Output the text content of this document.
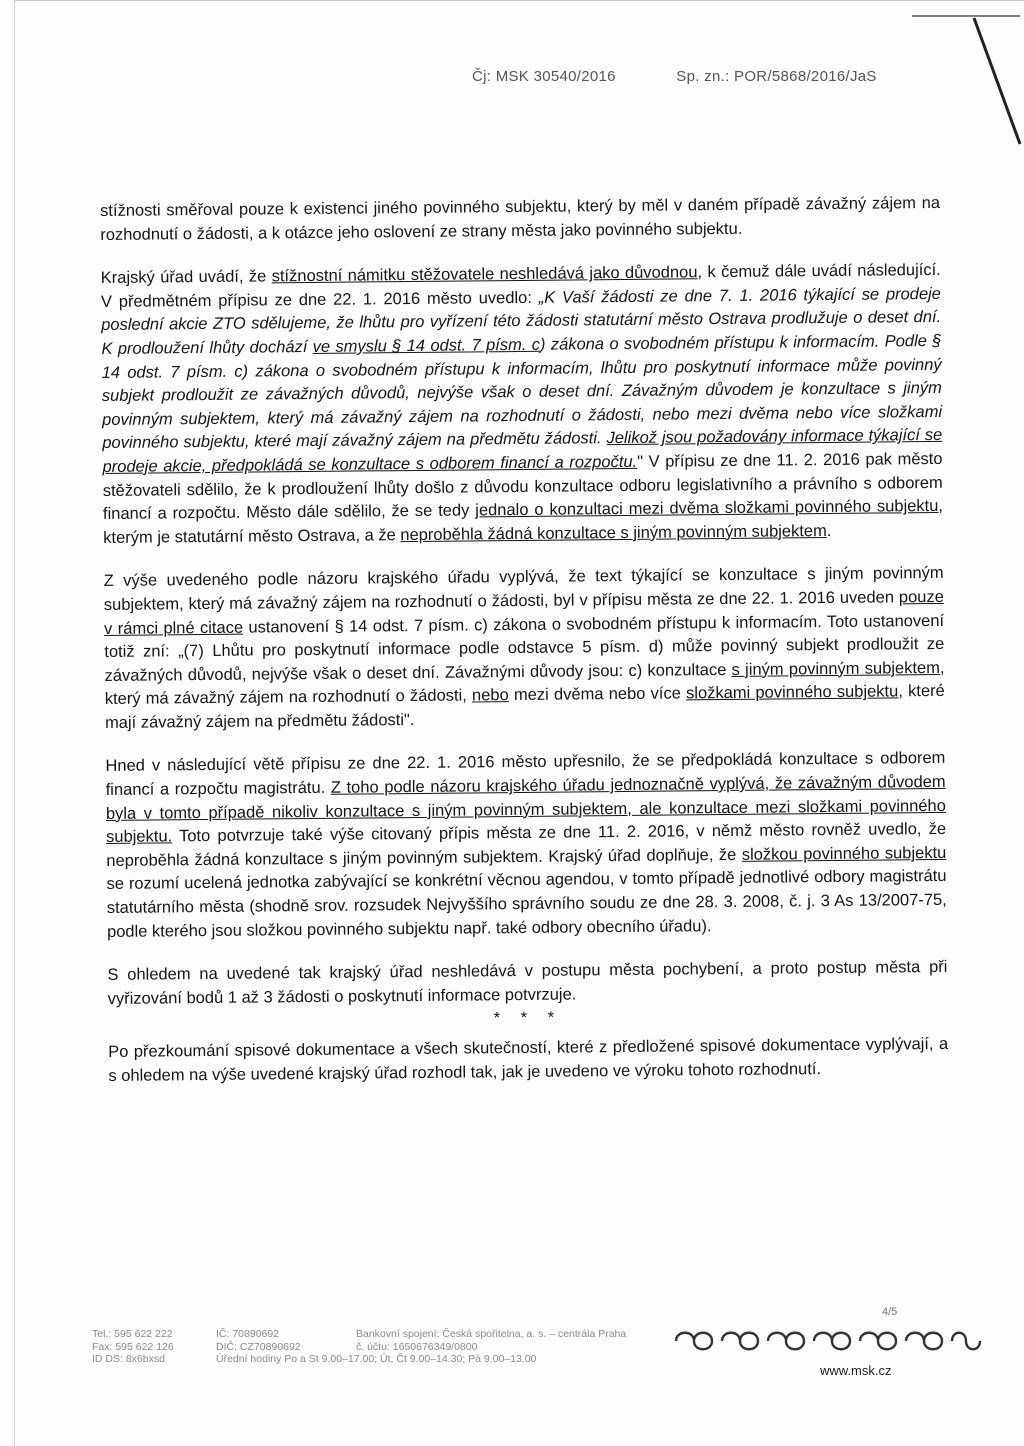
Čj: MSK 30540/2016	Sp. zn.: POR/5868/2016/JaS

stížnosti směřoval pouze k existenci jiného povinného subjektu, který by měl v daném případě závažný zájem na rozhodnutí o žádosti, a k otázce jeho oslovení ze strany města jako povinného subjektu.

Krajský úřad uvádí, že stížnostní námitku stěžovatele neshledává jako důvodnou, k čemuž dále uvádí následující. V předmětném přípisu ze dne 22. 1. 2016 město uvedlo: „K Vaší žádosti ze dne 7. 1. 2016 týkající se prodeje poslední akcie ZTO sdělujeme, že lhůtu pro vyřízení této žádosti statutární město Ostrava prodlužuje o deset dní. K prodloužení lhůty dochází ve smyslu § 14 odst. 7 písm. c) zákona o svobodném přístupu k informacím. Podle § 14 odst. 7 písm. c) zákona o svobodném přístupu k informacím, lhůtu pro poskytnutí informace může povinný subjekt prodloužit ze závažných důvodů, nejvýše však o deset dní. Závažným důvodem je konzultace s jiným povinným subjektem, který má závažný zájem na rozhodnutí o žádosti, nebo mezi dvěma nebo více složkami povinného subjektu, které mají závažný zájem na předmětu žádosti. Jelikož jsou požadovány informace týkající se prodeje akcie, předpokládá se konzultace s odborem financí a rozpočtu." V přípisu ze dne 11. 2. 2016 pak město stěžovateli sdělilo, že k prodloužení lhůty došlo z důvodu konzultace odboru legislativního a právního s odborem financí a rozpočtu. Město dále sdělilo, že se tedy jednalo o konzultaci mezi dvěma složkami povinného subjektu, kterým je statutární město Ostrava, a že neproběhla žádná konzultace s jiným povinným subjektem.

Z výše uvedeného podle názoru krajského úřadu vyplývá, že text týkající se konzultace s jiným povinným subjektem, který má závažný zájem na rozhodnutí o žádosti, byl v přípisu města ze dne 22. 1. 2016 uveden pouze v rámci plné citace ustanovení § 14 odst. 7 písm. c) zákona o svobodném přístupu k informacím. Toto ustanovení totiž zní: „(7) Lhůtu pro poskytnutí informace podle odstavce 5 písm. d) může povinný subjekt prodloužit ze závažných důvodů, nejvýše však o deset dní. Závažnými důvody jsou: c) konzultace s jiným povinným subjektem, který má závažný zájem na rozhodnutí o žádosti, nebo mezi dvěma nebo více složkami povinného subjektu, které mají závažný zájem na předmětu žádosti".

Hned v následující větě přípisu ze dne 22. 1. 2016 město upřesnilo, že se předpokládá konzultace s odborem financí a rozpočtu magistrátu. Z toho podle názoru krajského úřadu jednoznačně vyplývá, že závažným důvodem byla v tomto případě nikoliv konzultace s jiným povinným subjektem, ale konzultace mezi složkami povinného subjektu. Toto potvrzuje také výše citovaný přípis města ze dne 11. 2. 2016, v němž město rovněž uvedlo, že neproběhla žádná konzultace s jiným povinným subjektem. Krajský úřad doplňuje, že složkou povinného subjektu se rozumí ucelená jednotka zabývající se konkrétní věcnou agendou, v tomto případě jednotlivé odbory magistrátu statutárního města (shodně srov. rozsudek Nejvyššího správního soudu ze dne 28. 3. 2008, č. j. 3 As 13/2007-75, podle kterého jsou složkou povinného subjektu např. také odbory obecního úřadu).

S ohledem na uvedené tak krajský úřad neshledává v postupu města pochybení, a proto postup města při vyřizování bodů 1 až 3 žádosti o poskytnutí informace potvrzuje.

* * *

Po přezkoumání spisové dokumentace a všech skutečností, které z předložené spisové dokumentace vyplývají, a s ohledem na výše uvedené krajský úřad rozhodl tak, jak je uvedeno ve výroku tohoto rozhodnutí.

4/5
Tel.: 595 622 222
Fax: 595 622 126
ID DS: 8x6bxsd
IČ: 70890692
DIČ: CZ70890692
Úřední hodiny Po a St 9.00–17.00; Út, Čt 9.00–14.30; Pá 9.00–13.00
Bankovní spojení: Česká spořitelna, a. s. – centrála Praha
č. účtu: 1650676349/0800
www.msk.cz
